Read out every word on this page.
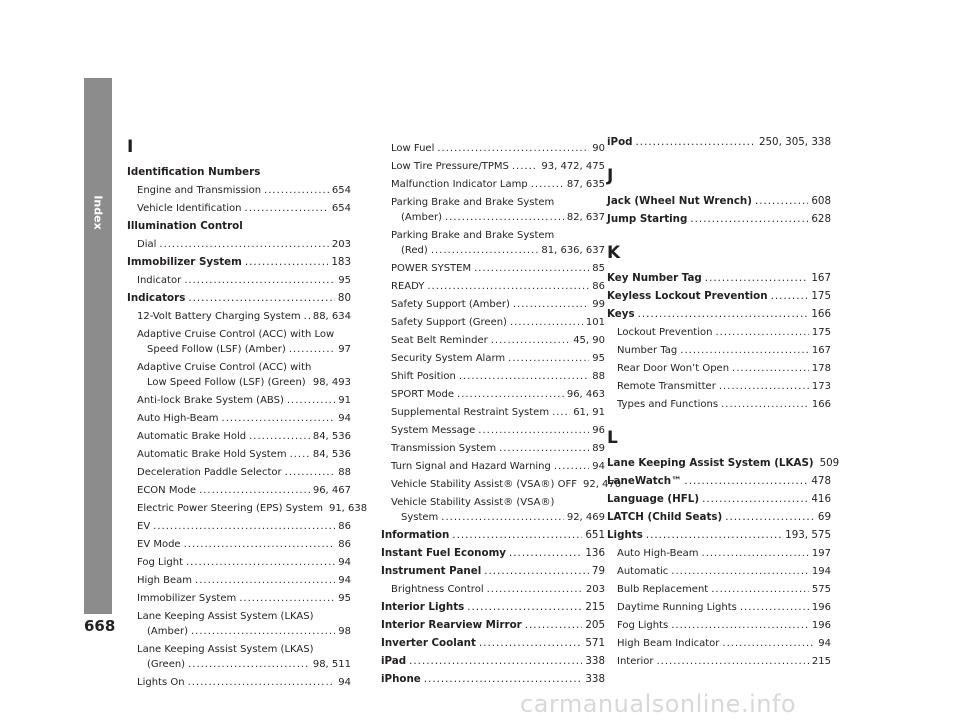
Index
668
I
Identification Numbers
Engine and Transmission .....	654
Vehicle Identification .....	654
Illumination Control
Dial .....	203
Immobilizer System .....	183
Indicator .....	95
Indicators .....	80
12-Volt Battery Charging System ..... 88, 634
Adaptive Cruise Control (ACC) with Low
Speed Follow (LSF) (Amber) .....	97
Adaptive Cruise Control (ACC) with
Low Speed Follow (LSF) (Green) ..... 98, 493
Anti-lock Brake System (ABS) .....	91
Auto High-Beam .....	94
Automatic Brake Hold .....	84, 536
Automatic Brake Hold System .....	84, 536
Deceleration Paddle Selector .....	88
ECON Mode .....	96, 467
Electric Power Steering (EPS) System 91, 638
EV .....	86
EV Mode .....	86
Fog Light .....	94
High Beam .....	94
Immobilizer System .....	95
Lane Keeping Assist System (LKAS)
(Amber) .....	98
Lane Keeping Assist System (LKAS)
(Green) .....	98, 511
Lights On .....	94
Low Fuel .....	90
Low Tire Pressure/TPMS .....	93, 472, 475
Malfunction Indicator Lamp .....	87, 635
Parking Brake and Brake System
(Amber) .....	82, 637
Parking Brake and Brake System
(Red) .....	81, 636, 637
POWER SYSTEM .....	85
READY .....	86
Safety Support (Amber) .....	99
Safety Support (Green) .....	101
Seat Belt Reminder .....	45, 90
Security System Alarm .....	95
Shift Position .....	88
SPORT Mode .....	96, 463
Supplemental Restraint System ..... 61, 91
System Message .....	96
Transmission System .....	89
Turn Signal and Hazard Warning .....	94
Vehicle Stability Assist® (VSA®) OFF 92, 470
Vehicle Stability Assist® (VSA®)
System .....	92, 469
Information .....	651
Instant Fuel Economy .....	136
Instrument Panel .....	79
Brightness Control .....	203
Interior Lights .....	215
Interior Rearview Mirror .....	205
Inverter Coolant .....	571
iPad .....	338
iPhone .....	338
iPod .....	250, 305, 338
J
Jack (Wheel Nut Wrench) .....	608
Jump Starting .....	628
K
Key Number Tag .....	167
Keyless Lockout Prevention .....	175
Keys .....	166
Lockout Prevention .....	175
Number Tag .....	167
Rear Door Won’t Open .....	178
Remote Transmitter .....	173
Types and Functions .....	166
L
Lane Keeping Assist System (LKAS) 509
LaneWatch™ .....	478
Language (HFL) .....	416
LATCH (Child Seats) .....	69
Lights .....	193, 575
Auto High-Beam .....	197
Automatic .....	194
Bulb Replacement .....	575
Daytime Running Lights .....	196
Fog Lights .....	196
High Beam Indicator .....	94
Interior .....	215
carmanualsonline.info
